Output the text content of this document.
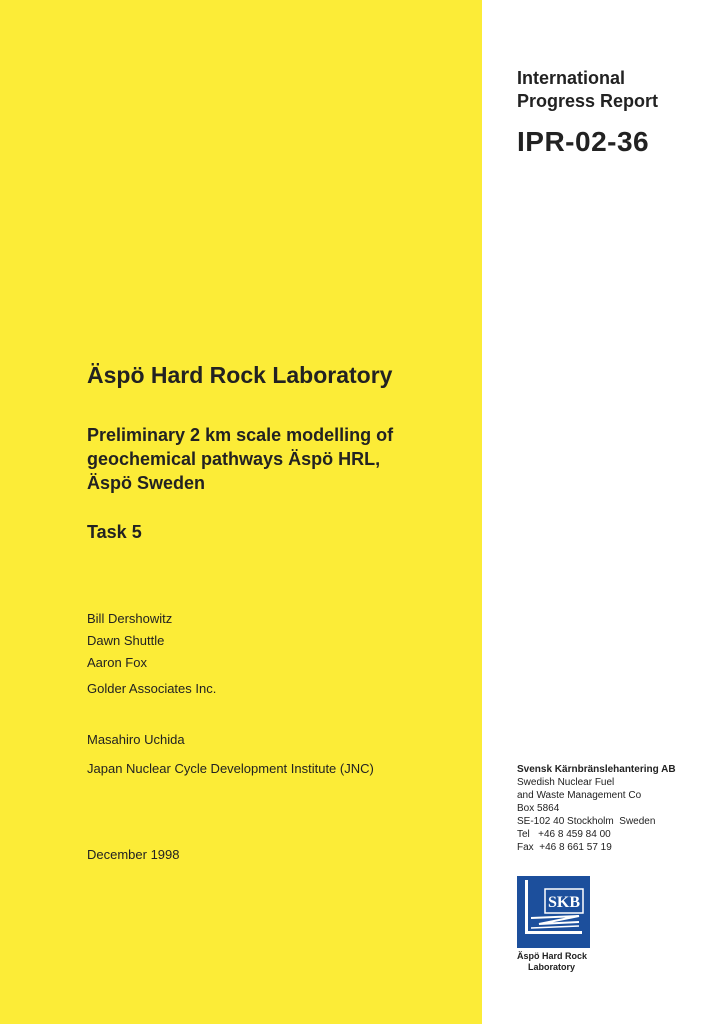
International
Progress Report
IPR-02-36
Äspö Hard Rock Laboratory
Preliminary 2 km scale modelling of
geochemical pathways Äspö HRL,
Äspö Sweden
Task 5
Bill Dershowitz
Dawn Shuttle
Aaron Fox
Golder Associates Inc.
Masahiro Uchida
Japan Nuclear Cycle Development Institute (JNC)
December 1998
Svensk Kärnbränslehantering AB
Swedish Nuclear Fuel
and Waste Management Co
Box 5864
SE-102 40 Stockholm  Sweden
Tel   +46 8 459 84 00
Fax  +46 8 661 57 19
SKB
Äspö Hard Rock
Laboratory
